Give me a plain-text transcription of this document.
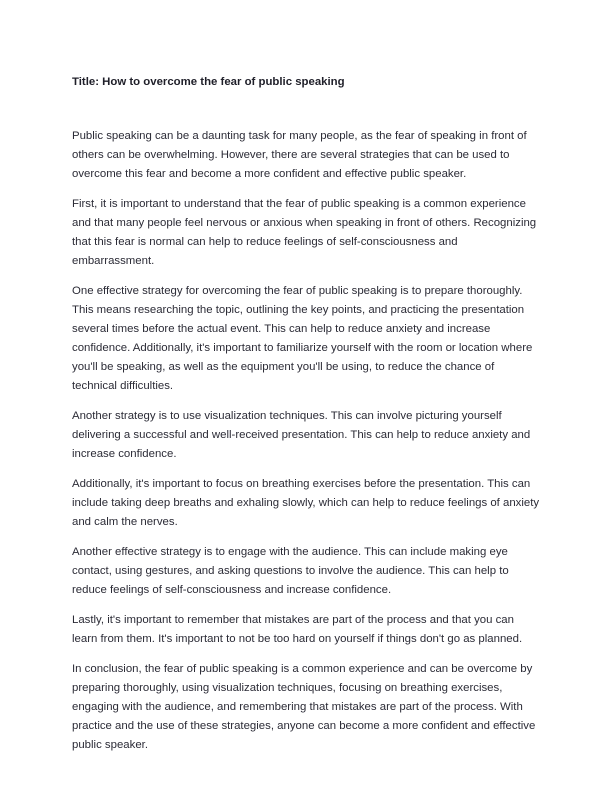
Title: How to overcome the fear of public speaking

Public speaking can be a daunting task for many people, as the fear of speaking in front of others can be overwhelming. However, there are several strategies that can be used to overcome this fear and become a more confident and effective public speaker.

First, it is important to understand that the fear of public speaking is a common experience and that many people feel nervous or anxious when speaking in front of others. Recognizing that this fear is normal can help to reduce feelings of self-consciousness and embarrassment.

One effective strategy for overcoming the fear of public speaking is to prepare thoroughly. This means researching the topic, outlining the key points, and practicing the presentation several times before the actual event. This can help to reduce anxiety and increase confidence. Additionally, it's important to familiarize yourself with the room or location where you'll be speaking, as well as the equipment you'll be using, to reduce the chance of technical difficulties.

Another strategy is to use visualization techniques. This can involve picturing yourself delivering a successful and well-received presentation. This can help to reduce anxiety and increase confidence.

Additionally, it's important to focus on breathing exercises before the presentation. This can include taking deep breaths and exhaling slowly, which can help to reduce feelings of anxiety and calm the nerves.

Another effective strategy is to engage with the audience. This can include making eye contact, using gestures, and asking questions to involve the audience. This can help to reduce feelings of self-consciousness and increase confidence.

Lastly, it's important to remember that mistakes are part of the process and that you can learn from them. It's important to not be too hard on yourself if things don't go as planned.

In conclusion, the fear of public speaking is a common experience and can be overcome by preparing thoroughly, using visualization techniques, focusing on breathing exercises, engaging with the audience, and remembering that mistakes are part of the process. With practice and the use of these strategies, anyone can become a more confident and effective public speaker.
